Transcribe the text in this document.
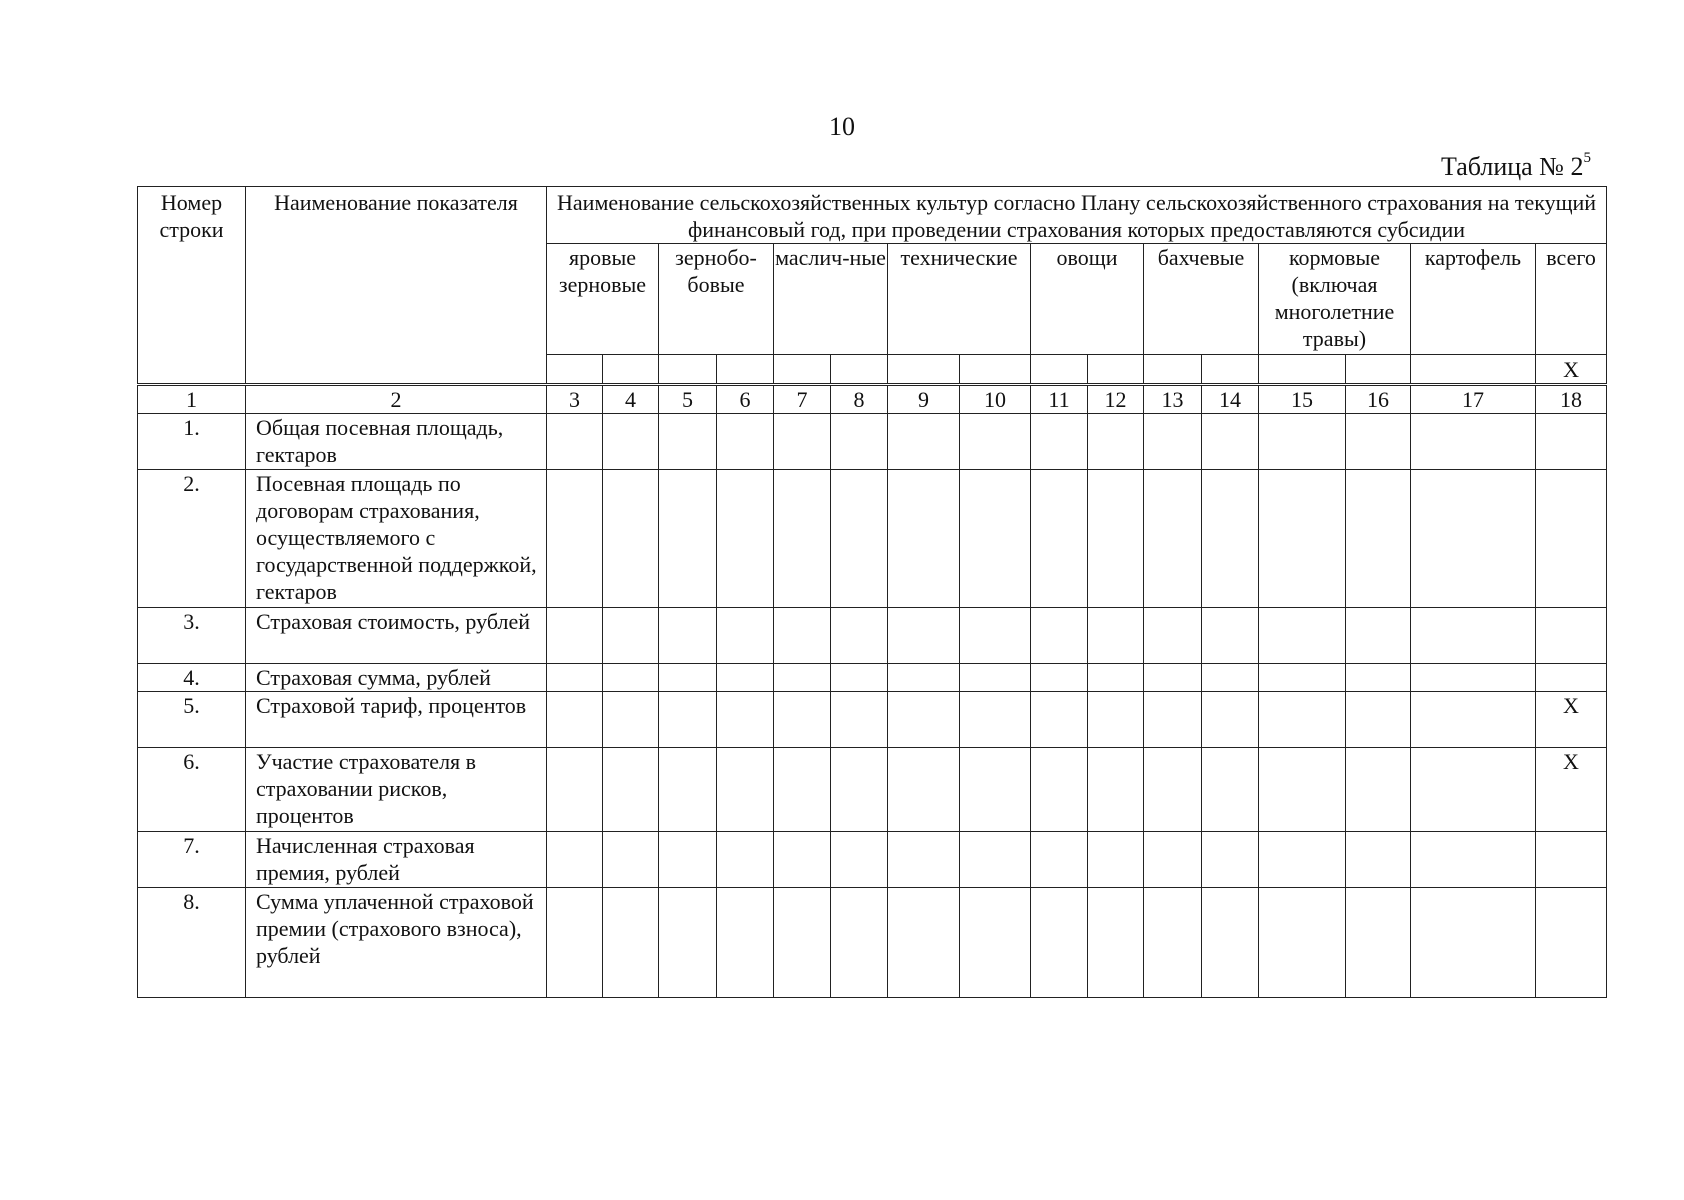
10
Таблица № $2^5$
Номер строки	Наименование показателя	Наименование сельскохозяйственных культур согласно Плану сельскохозяйственного страхования на текущий финансовый год, при проведении страхования которых предоставляются субсидии															
		яровые зерновые		зернобо-бовые		маслич-ные		технические		овощи		бахчевые		кормовые (включая многолетние травы)		картофель	всего
																	X
1	2	3	4	5	6	7	8	9	10	11	12	13	14	15	16	17	18
1.	Общая посевная площадь, гектаров																
2.	Посевная площадь по договорам страхования, осуществляемого с государственной поддержкой, гектаров																
3.	Страховая стоимость, рублей																
4.	Страховая сумма, рублей																
5.	Страховой тариф, процентов																X
6.	Участие страхователя в страховании рисков, процентов																X
7.	Начисленная страховая премия, рублей																
8.	Сумма уплаченной страховой премии (страхового взноса), рублей																
